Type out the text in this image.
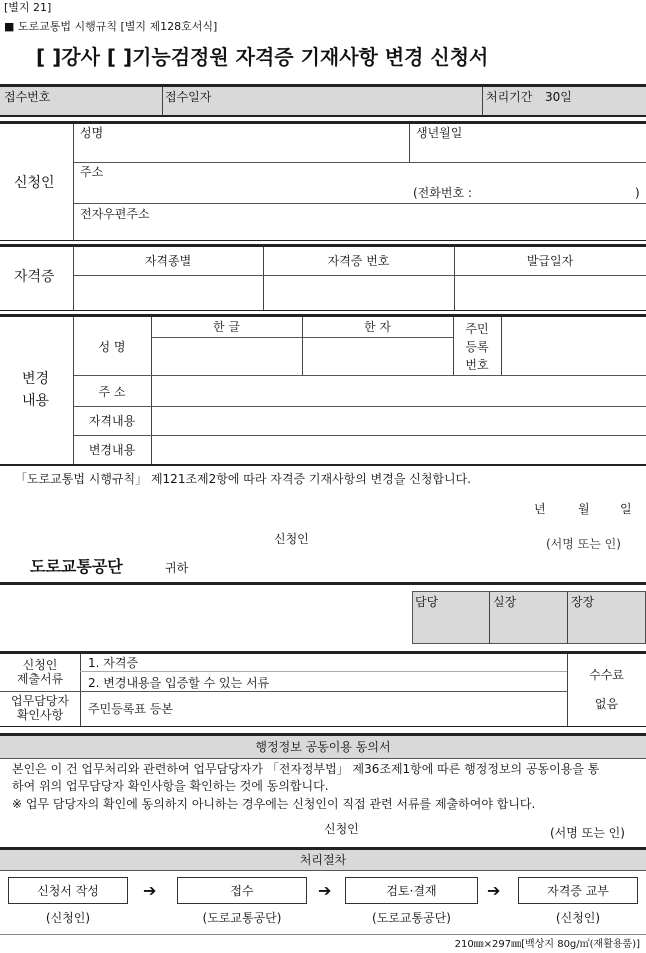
[별지 21]
■ 도로교통법 시행규칙 [별지 제128호서식]
[ ]강사 [ ]기능검정원 자격증 기재사항 변경 신청서
접수번호	접수일자	처리기간 30일
신청인
성명	생년월일
주소
(전화번호 :	)
전자우편주소
자격증
자격종별	자격증 번호	발급일자
변경
내용
성 명
한 글	한 자	주민
등록
번호
주 소
자격내용
변경내용
「도로교통법 시행규칙」 제121조제2항에 따라 자격증 기재사항의 변경을 신청합니다.
년	월	일
신청인	(서명 또는 인)
도로교통공단	귀하
담당	실장	장장
신청인
제출서류
1. 자격증
2. 변경내용을 입증할 수 있는 서류
업무담당자
확인사항	주민등록표 등본
수수료
없음
행정정보 공동이용 동의서
본인은 이 건 업무처리와 관련하여 업무담당자가 「전자정부법」 제36조제1항에 따른 행정정보의 공동이용을 통
하여 위의 업무담당자 확인사항을 확인하는 것에 동의합니다.
※ 업무 담당자의 확인에 동의하지 아니하는 경우에는 신청인이 직접 관련 서류를 제출하여야 합니다.
신청인	(서명 또는 인)
처리절차
신청서 작성	접수	검토·결재	자격증 교부
➔	➔	➔
(신청인)	(도로교통공단)	(도로교통공단)	(신청인)
210㎜×297㎜[백상지 80g/㎡(재활용품)]
